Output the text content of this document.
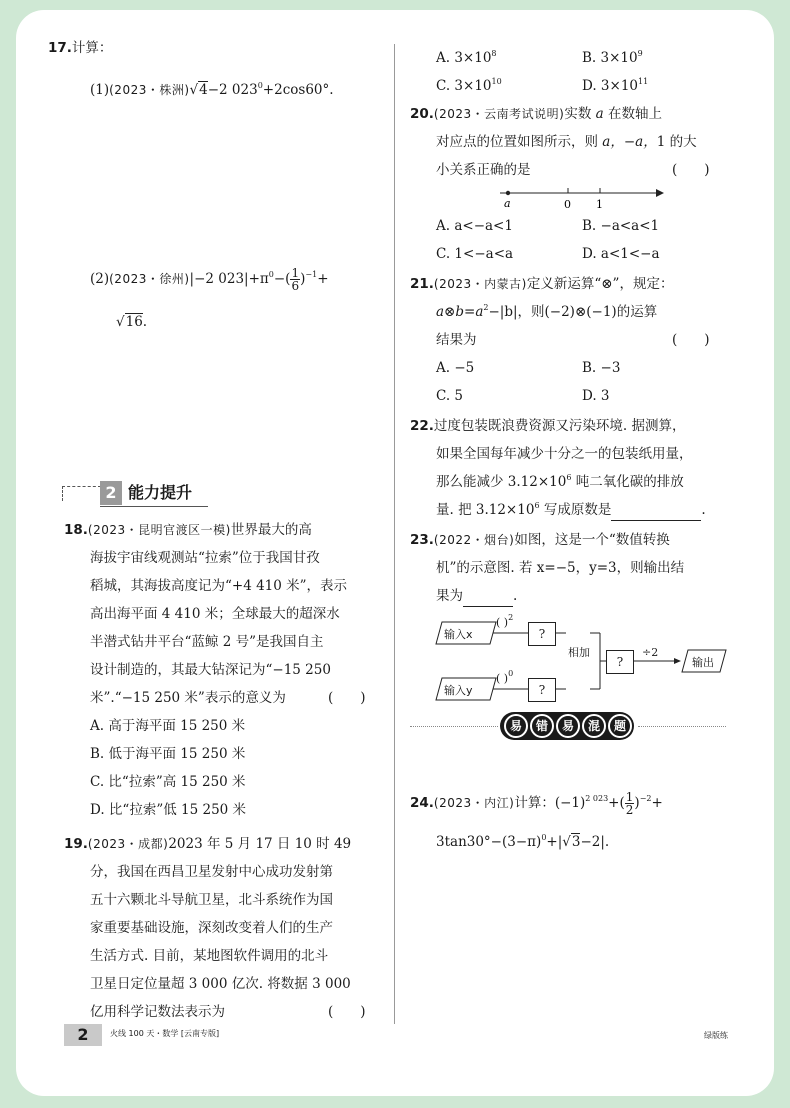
17.计算：
(1)(2023・株洲)√4−2 $023^0+2\cos 60^\circ$.
(2)(2023・徐州)|−2 $023|+\pi^0-( \frac{1}{6} )^{-1}+$
√16.
2 能力提升
18.(2023・昆明官渡区一模)世界最大的高
海拔宇宙线观测站“拉索”位于我国甘孜
稻城，其海拔高度记为“+4 410 米”，表示
高出海平面 4 410 米；全球最大的超深水
半潜式钻井平台“蓝鲸 2 号”是我国自主
设计制造的，其最大钻深记为“−15 250
米”.“−15 250 米”表示的意义为	(　　)
A. 高于海平面 15 250 米
B. 低于海平面 15 250 米
C. 比“拉索”高 15 250 米
D. 比“拉索”低 15 250 米
19.(2023・成都)2023 年 5 月 17 日 10 时 49
分，我国在西昌卫星发射中心成功发射第
五十六颗北斗导航卫星，北斗系统作为国
家重要基础设施，深刻改变着人们的生产
生活方式. 目前，某地图软件调用的北斗
卫星日定位量超 3 000 亿次. 将数据 3 000
亿用科学记数法表示为	(　　)
A. $3\times 10^8$	B. $3\times 10^9$
C. $3\times 10^{10}$	D. $3\times 10^{11}$
20.(2023・云南考试说明)实数 a 在数轴上
对应点的位置如图所示，则 a，−a，1 的大
小关系正确的是	(　　)
a	0 1
A. a<−a<1	B. −a<a<1
C. 1<−a<a	D. a<1<−a
21.(2023・内蒙古)定义新运算“⊗”，规定：
$a\otimes b=a^2-|b|$，则(−2)⊗(−1)的运算
结果为	(　　)
A. −5	B. −3
C. 5	D. 3
22.过度包装既浪费资源又污染环境. 据测算，
如果全国每年减少十分之一的包装纸用量，
那么能减少 $3.12\times 10^6$ 吨二氧化碳的排放
量. 把 $3.12\times 10^6$ 写成原数是	.
23.(2022・烟台)如图，这是一个“数值转换
机”的示意图. 若 x=−5，y=3，则输出结
果为	.
输入x
输入y
( )$^2$
( )$^0$
?
?
相加
?
÷2
输出
易	错	易	混	题
24.(2023・内江)计算：$(-1)^{2 023}+( \frac{1}{2} )^{-2}+$
$3\tan 30^\circ-(3-\pi)^0+|√3-2|$.
2	火线 100 天・数学 [云南专版]	绿版练
